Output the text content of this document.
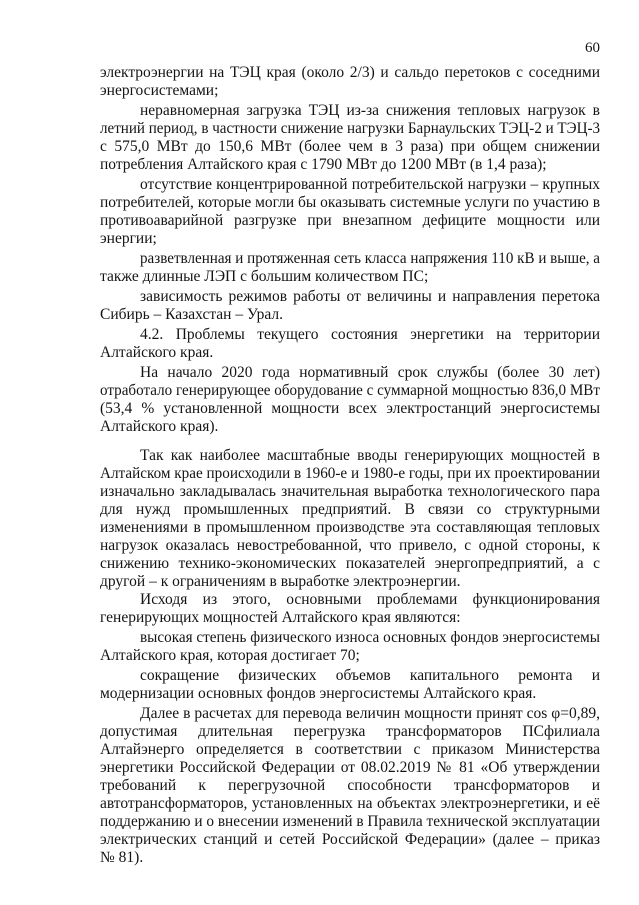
60
электроэнергии на ТЭЦ края (около 2/3) и сальдо перетоков с соседними
энергосистемами;
неравномерная загрузка ТЭЦ из-за снижения тепловых нагрузок в
летний период, в частности снижение нагрузки Барнаульских ТЭЦ-2 и ТЭЦ-3
с 575,0 МВт до 150,6 МВт (более чем в 3 раза) при общем снижении
потребления Алтайского края с 1790 МВт до 1200 МВт (в 1,4 раза);
отсутствие концентрированной потребительской нагрузки – крупных
потребителей, которые могли бы оказывать системные услуги по участию в
противоаварийной разгрузке при внезапном дефиците мощности или
энергии;
разветвленная и протяженная сеть класса напряжения 110 кВ и выше, а
также длинные ЛЭП с большим количеством ПС;
зависимость режимов работы от величины и направления перетока
Сибирь – Казахстан – Урал.
4.2. Проблемы текущего состояния энергетики на территории
Алтайского края.
На начало 2020 года нормативный срок службы (более 30 лет)
отработало генерирующее оборудование с суммарной мощностью 836,0 МВт
(53,4 % установленной мощности всех электростанций энергосистемы
Алтайского края).
Так как наиболее масштабные вводы генерирующих мощностей в
Алтайском крае происходили в 1960-е и 1980-е годы, при их проектировании
изначально закладывалась значительная выработка технологического пара
для нужд промышленных предприятий. В связи со структурными
изменениями в промышленном производстве эта составляющая тепловых
нагрузок оказалась невостребованной, что привело, с одной стороны, к
снижению технико-экономических показателей энергопредприятий, а с
другой – к ограничениям в выработке электроэнергии.
Исходя из этого, основными проблемами функционирования
генерирующих мощностей Алтайского края являются:
высокая степень физического износа основных фондов энергосистемы
Алтайского края, которая достигает 70;
сокращение физических объемов капитального ремонта и
модернизации основных фондов энергосистемы Алтайского края.
Далее в расчетах для перевода величин мощности принят cos φ=0,89,
допустимая длительная перегрузка трансформаторов ПСфилиала
Алтайэнерго определяется в соответствии с приказом Министерства
энергетики Российской Федерации от 08.02.2019 № 81 «Об утверждении
требований к перегрузочной способности трансформаторов и
автотрансформаторов, установленных на объектах электроэнергетики, и её
поддержанию и о внесении изменений в Правила технической эксплуатации
электрических станций и сетей Российской Федерации» (далее – приказ
№ 81).
